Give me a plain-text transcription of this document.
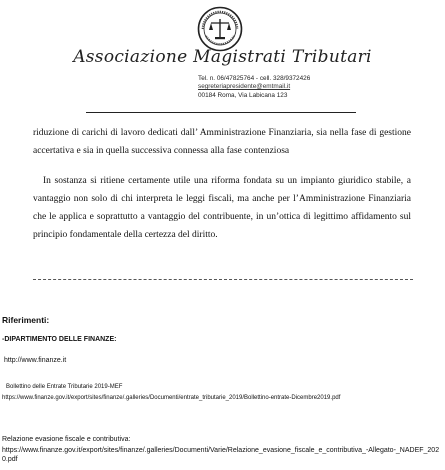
Associazione Magistrati Tributari
Tel. n. 06/47825764 - cell. 328/9372426
segreteriapresidente@emtmail.it
00184 Roma, Via Labicana 123
riduzione di carichi di lavoro dedicati dall’ Amministrazione Finanziaria, sia nella fase di gestione accertativa e sia in quella successiva connessa alla fase contenziosa
In sostanza si ritiene certamente utile una riforma fondata su un impianto giuridico stabile, a vantaggio non solo di chi interpreta le leggi fiscali, ma anche per l’Amministrazione Finanziaria che le applica e soprattutto a vantaggio del contribuente, in un’ottica di legittimo affidamento sul principio fondamentale della certezza del diritto.
Riferimenti:
-DIPARTIMENTO DELLE FINANZE:
http://www.finanze.it
Bollettino delle Entrate Tributarie 2019-MEF
https://www.finanze.gov.it/export/sites/finanze/.galleries/Documenti/entrate_tributarie_2019/Bollettino-entrate-Dicembre2019.pdf
Relazione evasione fiscale e contributiva:
https://www.finanze.gov.it/export/sites/finanze/.galleries/Documenti/Varie/Relazione_evasione_fiscale_e_contributiva_-Allegato-_NADEF_2020.pdf
